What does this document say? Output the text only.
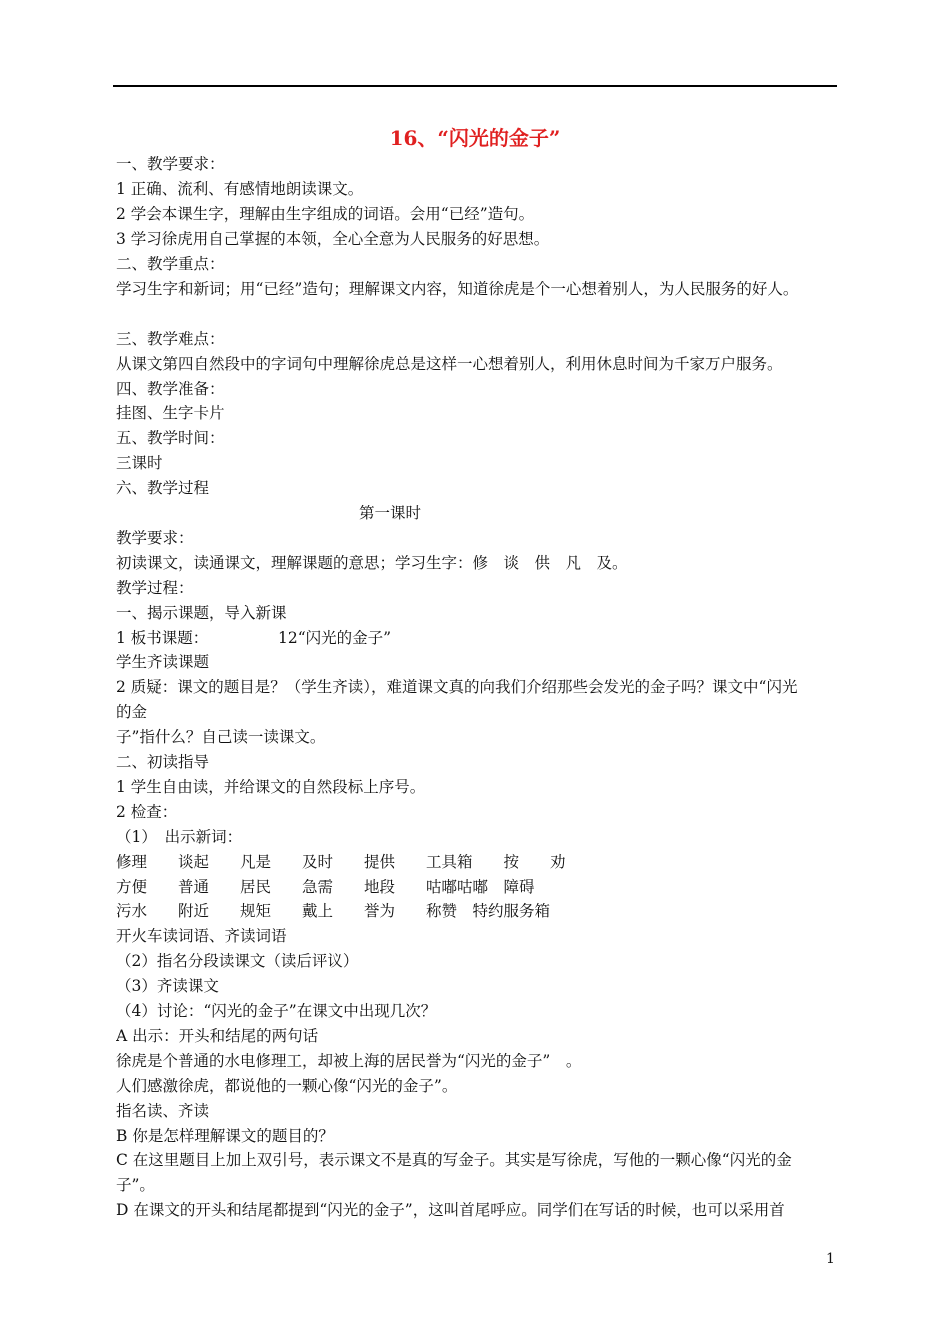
16、“闪光的金子”
一、教学要求：
1 正确、流利、有感情地朗读课文。
2 学会本课生字，理解由生字组成的词语。会用“已经”造句。
3 学习徐虎用自己掌握的本领，全心全意为人民服务的好思想。
二、教学重点：
学习生字和新词；用“已经”造句；理解课文内容，知道徐虎是个一心想着别人，为人民服务的好人。
三、教学难点：
从课文第四自然段中的字词句中理解徐虎总是这样一心想着别人，利用休息时间为千家万户服务。
四、教学准备：
挂图、生字卡片
五、教学时间：
三课时
六、教学过程
第一课时
教学要求：
初读课文，读通课文，理解课题的意思；学习生字：修　谈　供　凡　及。
教学过程：
一、揭示课题，导入新课
1 板书课题：　　　　　12“闪光的金子”
学生齐读课题
2 质疑：课文的题目是？（学生齐读），难道课文真的向我们介绍那些会发光的金子吗？课文中“闪光
的金
子”指什么？自己读一读课文。
二、初读指导
1 学生自由读，并给课文的自然段标上序号。
2 检查：
（1）　出示新词：
修理　　谈起　　凡是　　及时　　提供　　工具箱　　按　　劝
方便　　普通　　居民　　急需　　地段　　咕嘟咕嘟　障碍
污水　　附近　　规矩　　戴上　　誉为　　称赞　特约服务箱
开火车读词语、齐读词语
（2）指名分段读课文（读后评议）
（3）齐读课文
（4）讨论：“闪光的金子”在课文中出现几次？
A 出示：开头和结尾的两句话
徐虎是个普通的水电修理工，却被上海的居民誉为“闪光的金子”　。
人们感激徐虎，都说他的一颗心像“闪光的金子”。
指名读、齐读
B 你是怎样理解课文的题目的？
C 在这里题目上加上双引号，表示课文不是真的写金子。其实是写徐虎，写他的一颗心像“闪光的金
子”。
D 在课文的开头和结尾都提到“闪光的金子”，这叫首尾呼应。同学们在写话的时候，也可以采用首
1
